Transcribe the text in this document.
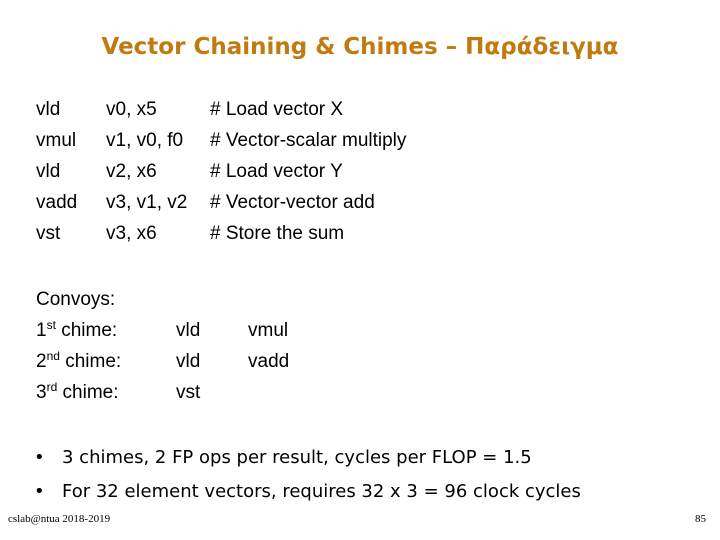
Vector Chaining & Chimes – Παράδειγμα
vld v0, x5	# Load vector X
vmul v1, v0, f0 # Vector-scalar multiply
vld v2, x6	# Load vector Y
vadd v3, v1, v2 # Vector-vector add
vst v3, x6	# Store the sum
Convoys:
1st chime:	vld	vmul
2nd chime:	vld	vadd
3rd chime:	vst
• 3 chimes, 2 FP ops per result, cycles per FLOP = 1.5
• For 32 element vectors, requires 32 x 3 = 96 clock cycles
cslab@ntua 2018-2019	85
